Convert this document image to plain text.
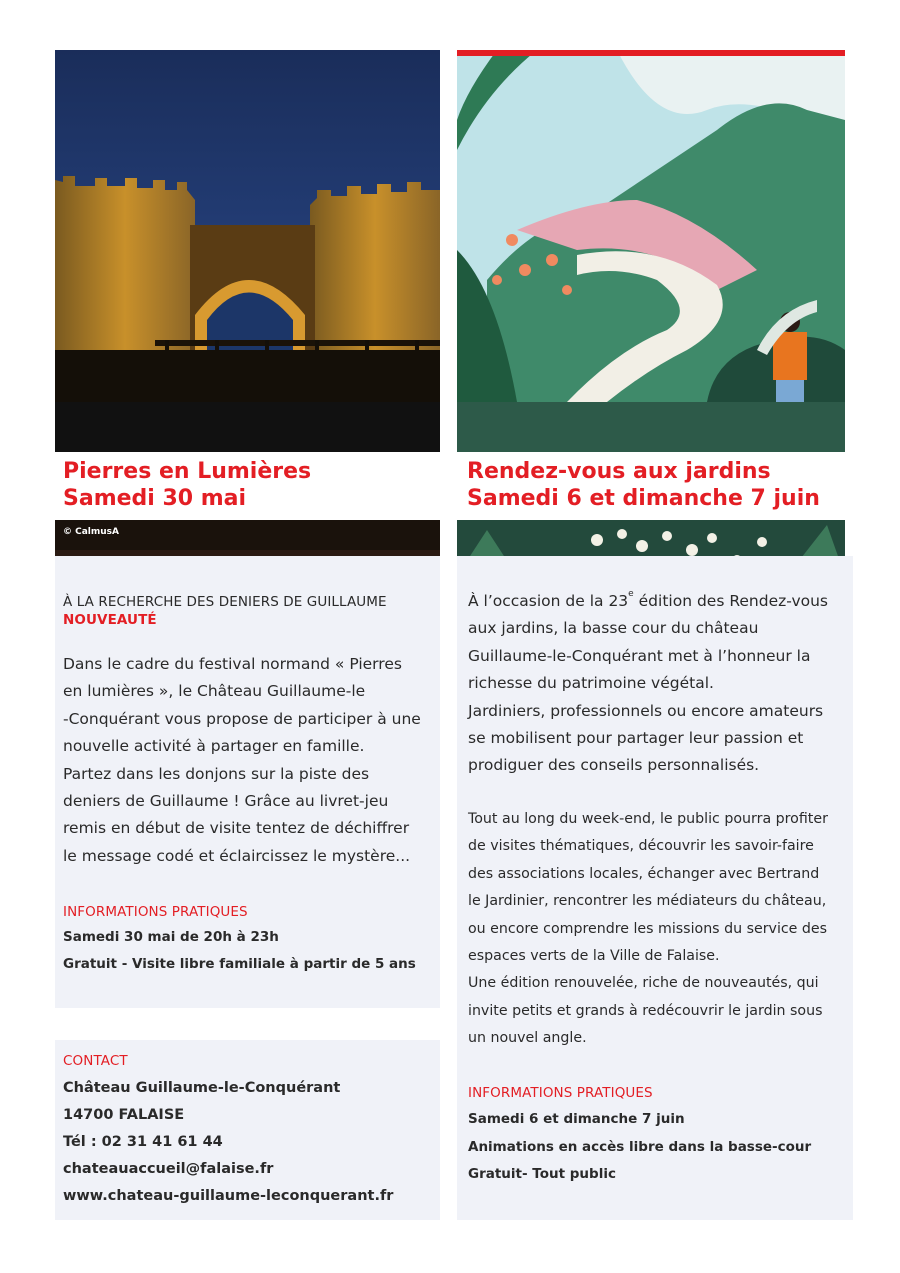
Pierres en Lumières
Samedi 30 mai
© CalmusA
Rendez-vous aux jardins
Samedi 6 et dimanche 7 juin
À LA RECHERCHE DES DENIERS DE GUILLAUME
NOUVEAUTÉ

Dans le cadre du festival normand « Pierres

en lumières », le Château Guillaume-le

-Conquérant vous propose de participer à une

nouvelle activité à partager en famille.

Partez dans les donjons sur la piste des

deniers de Guillaume ! Grâce au livret-jeu

remis en début de visite tentez de déchiffrer

le message codé et éclaircissez le mystère...

INFORMATIONS PRATIQUES
Samedi 30 mai de 20h à 23h
Gratuit - Visite libre familiale à partir de 5 ans
CONTACT
Château Guillaume-le-Conquérant
14700 FALAISE
Tél : 02 31 41 61 44
chateauaccueil@falaise.fr
www.chateau-guillaume-leconquerant.fr

À l’occasion de la 23e édition des Rendez-vous

aux jardins, la basse cour du château

Guillaume-le-Conquérant met à l’honneur la

richesse du patrimoine végétal.

Jardiniers, professionnels ou encore amateurs

se mobilisent pour partager leur passion et

prodiguer des conseils personnalisés.

Tout au long du week-end, le public pourra profiter

de visites thématiques, découvrir les savoir-faire

des associations locales, échanger avec Bertrand

le Jardinier, rencontrer les médiateurs du château,

ou encore comprendre les missions du service des

espaces verts de la Ville de Falaise.

Une édition renouvelée, riche de nouveautés, qui

invite petits et grands à redécouvrir le jardin sous

un nouvel angle.

INFORMATIONS PRATIQUES
Samedi 6 et dimanche 7 juin
Animations en accès libre dans la basse-cour
Gratuit- Tout public
